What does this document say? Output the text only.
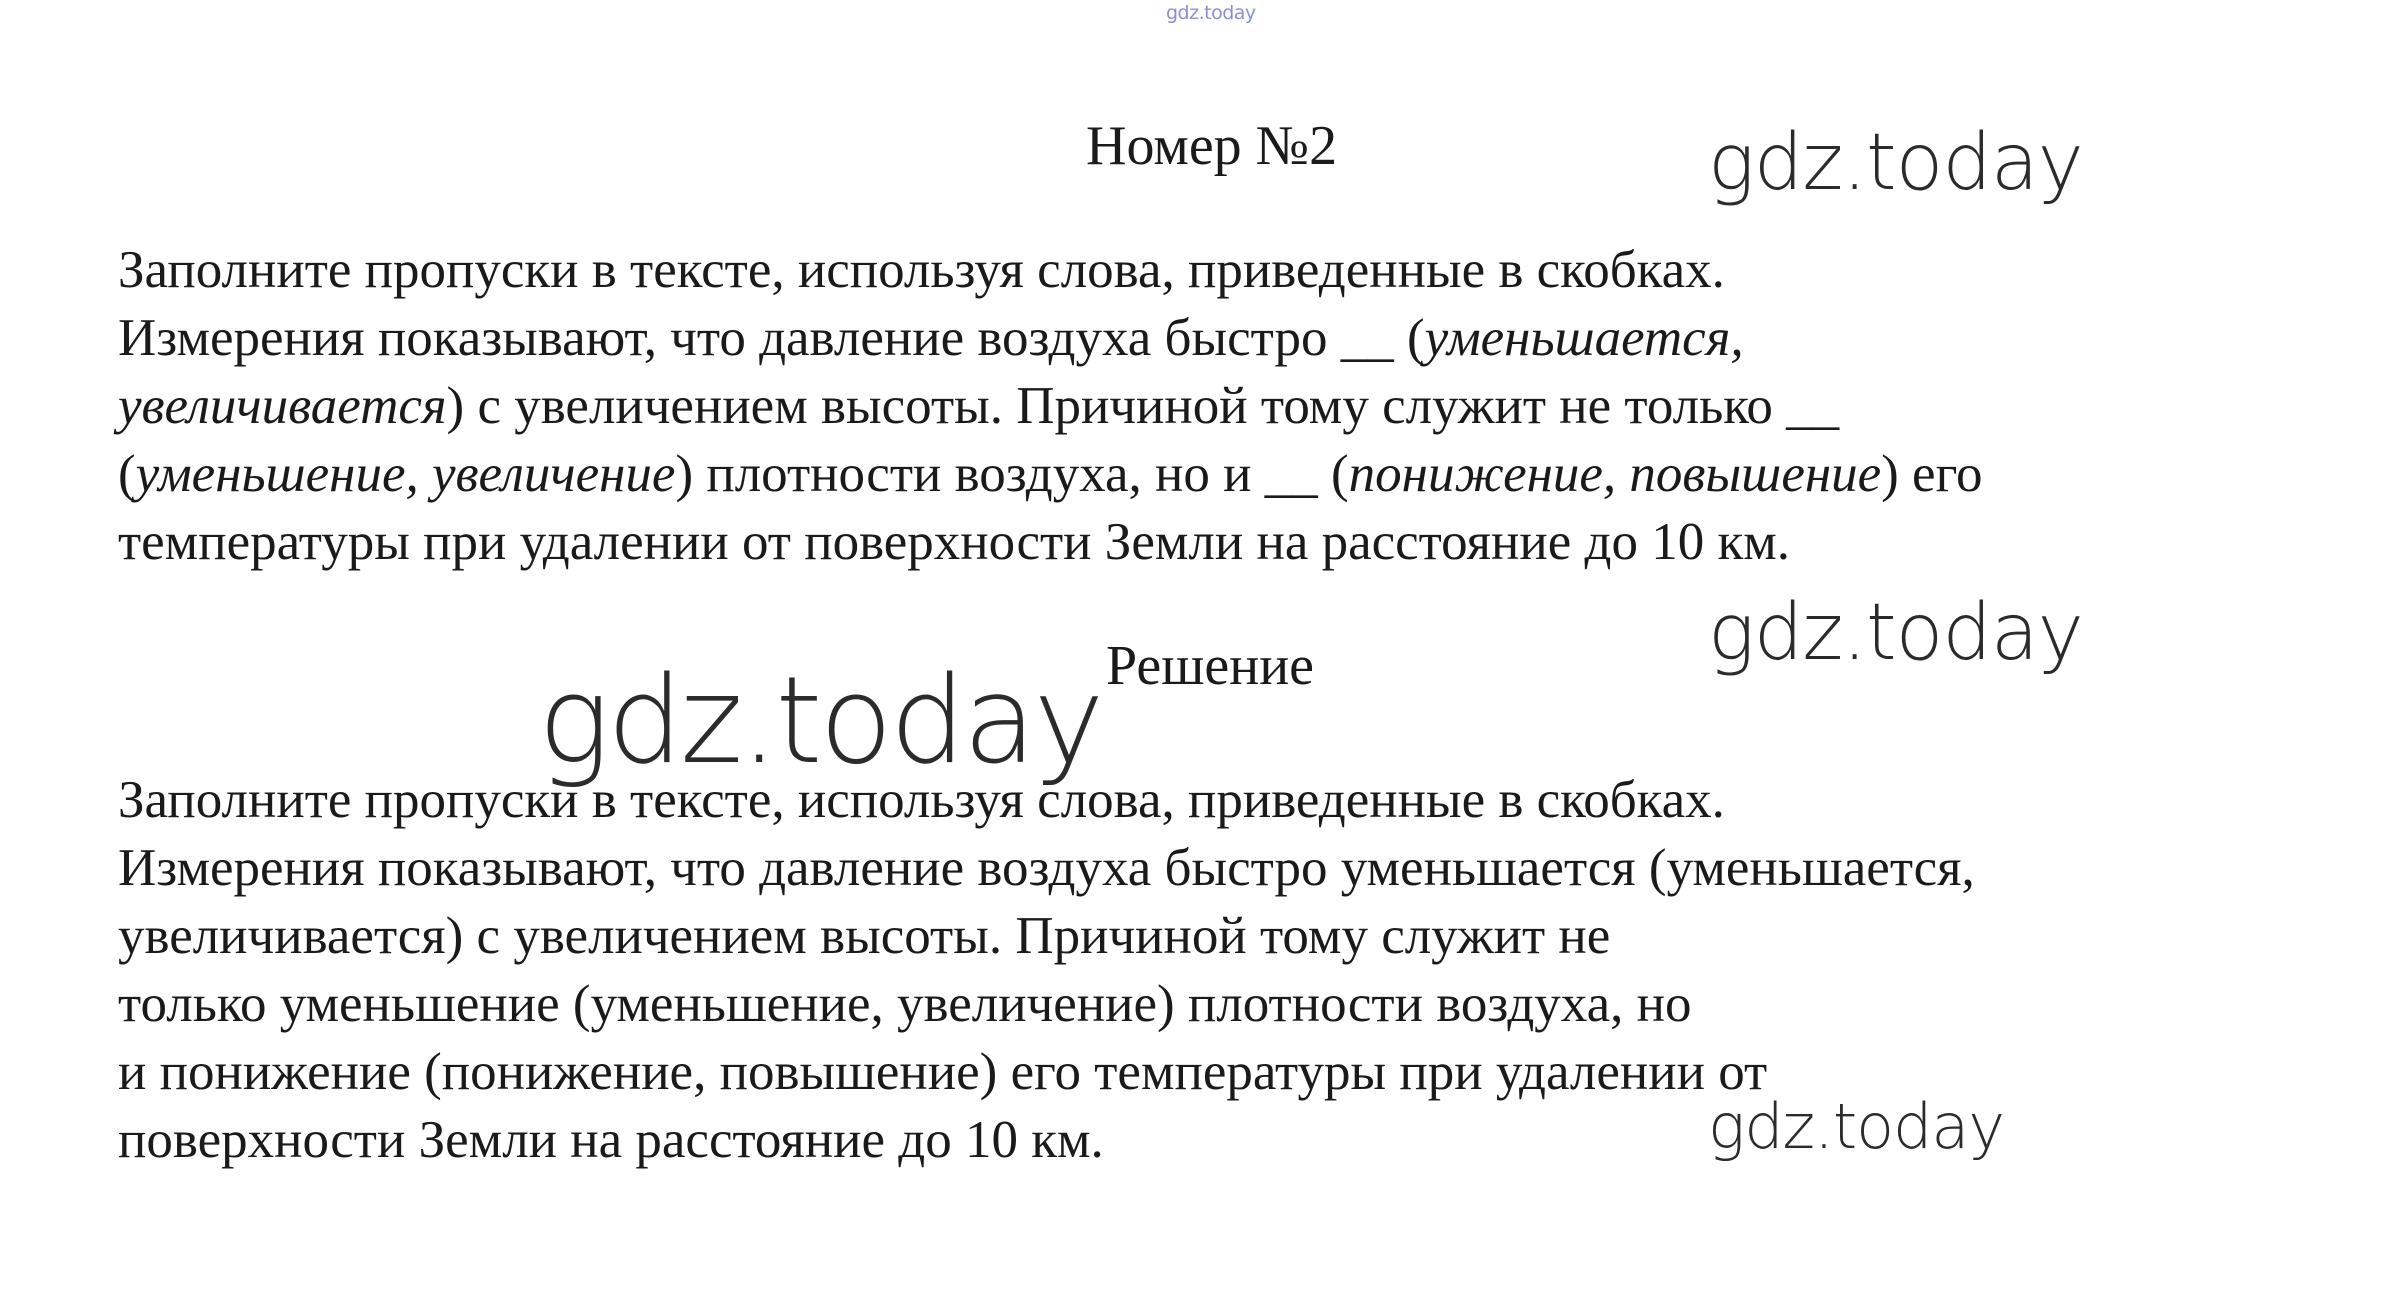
gdz.today
gdz.today
gdz.today
gdz.today
gdz.today
Номер №2
Заполните пропуски в тексте, используя слова, приведенные в скобках.
Измерения показывают, что давление воздуха быстро __ (уменьшается,
увеличивается) с увеличением высоты. Причиной тому служит не только __
(уменьшение, увеличение) плотности воздуха, но и __ (понижение, повышение) его
температуры при удалении от поверхности Земли на расстояние до 10 км.
Решение
Заполните пропуски в тексте, используя слова, приведенные в скобках.
Измерения показывают, что давление воздуха быстро уменьшается (уменьшается,
увеличивается) с увеличением высоты. Причиной тому служит не
только уменьшение (уменьшение, увеличение) плотности воздуха, но
и понижение (понижение, повышение) его температуры при удалении от
поверхности Земли на расстояние до 10 км.
